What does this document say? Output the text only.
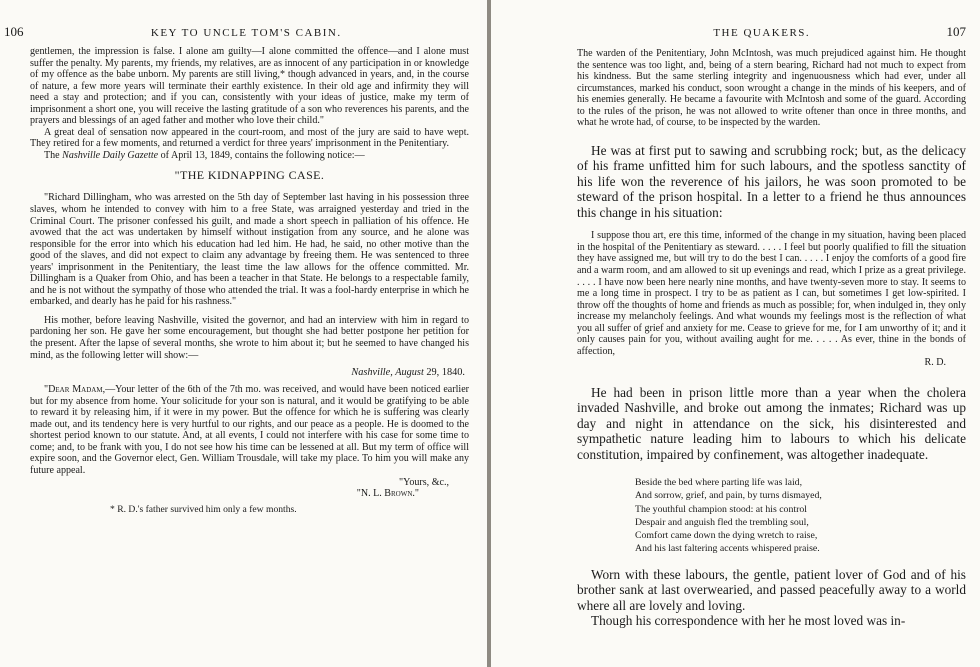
106	KEY TO UNCLE TOM'S CABIN.

gentlemen, the impression is false. I alone am guilty—I alone committed the offence—and I alone must suffer the penalty. My parents, my friends, my relatives, are as innocent of any participation in or knowledge of my offence as the babe unborn. My parents are still living,* though advanced in years, and, in the course of nature, a few more years will terminate their earthly existence. In their old age and infirmity they will need a stay and protection; and if you can, consistently with your ideas of justice, make my term of imprisonment a short one, you will receive the lasting gratitude of a son who reverences his parents, and the prayers and blessings of an aged father and mother who love their child."

A great deal of sensation now appeared in the court-room, and most of the jury are said to have wept. They retired for a few moments, and returned a verdict for three years' imprisonment in the Penitentiary.

The Nashville Daily Gazette of April 13, 1849, contains the following notice:—

"THE KIDNAPPING CASE.

"Richard Dillingham, who was arrested on the 5th day of September last having in his possession three slaves, whom he intended to convey with him to a free State, was arraigned yesterday and tried in the Criminal Court. The prisoner confessed his guilt, and made a short speech in palliation of his offence. He avowed that the act was undertaken by himself without instigation from any source, and he alone was responsible for the error into which his education had led him. He had, he said, no other motive than the good of the slaves, and did not expect to claim any advantage by freeing them. He was sentenced to three years' imprisonment in the Penitentiary, the least time the law allows for the offence committed. Mr. Dillingham is a Quaker from Ohio, and has been a teacher in that State. He belongs to a respectable family, and he is not without the sympathy of those who attended the trial. It was a fool-hardy enterprise in which he embarked, and dearly has he paid for his rashness."

His mother, before leaving Nashville, visited the governor, and had an interview with him in regard to pardoning her son. He gave her some encouragement, but thought she had better postpone her petition for the present. After the lapse of several months, she wrote to him about it; but he seemed to have changed his mind, as the following letter will show:—

Nashville, August 29, 1840.

"Dear Madam,—Your letter of the 6th of the 7th mo. was received, and would have been noticed earlier but for my absence from home. Your solicitude for your son is natural, and it would be gratifying to be able to reward it by releasing him, if it were in my power. But the offence for which he is suffering was clearly made out, and its tendency here is very hurtful to our rights, and our peace as a people. He is doomed to the shortest period known to our statute. And, at all events, I could not interfere with his case for some time to come; and, to be frank with you, I do not see how his time can be lessened at all. But my term of office will expire soon, and the Governor elect, Gen. William Trousdale, will take my place. To him you will make any future appeal.

"Yours, &c.,

"N. L. Brown."

* R. D.'s father survived him only a few months.

THE QUAKERS.	107

The warden of the Penitentiary, John McIntosh, was much prejudiced against him. He thought the sentence was too light, and, being of a stern bearing, Richard had not much to expect from his kindness. But the same sterling integrity and ingenuousness which had ever, under all circumstances, marked his conduct, soon wrought a change in the minds of his keepers, and of his enemies generally. He became a favourite with McIntosh and some of the guard. According to the rules of the prison, he was not allowed to write oftener than once in three months, and what he wrote had, of course, to be inspected by the warden.

He was at first put to sawing and scrubbing rock; but, as the delicacy of his frame unfitted him for such labours, and the spotless sanctity of his life won the reverence of his jailors, he was soon promoted to be steward of the prison hospital. In a letter to a friend he thus announces this change in his situation:

I suppose thou art, ere this time, informed of the change in my situation, having been placed in the hospital of the Penitentiary as steward. . . . . I feel but poorly qualified to fill the situation they have assigned me, but will try to do the best I can. . . . . I enjoy the comforts of a good fire and a warm room, and am allowed to sit up evenings and read, which I prize as a great privilege. . . . . I have now been here nearly nine months, and have twenty-seven more to stay. It seems to me a long time in prospect. I try to be as patient as I can, but sometimes I get low-spirited. I throw off the thoughts of home and friends as much as possible; for, when indulged in, they only increase my melancholy feelings. And what wounds my feelings most is the reflection of what you all suffer of grief and anxiety for me. Cease to grieve for me, for I am unworthy of it; and it only causes pain for you, without availing aught for me. . . . . As ever, thine in the bonds of affection,

R. D.

He had been in prison little more than a year when the cholera invaded Nashville, and broke out among the inmates; Richard was up day and night in attendance on the sick, his disinterested and sympathetic nature leading him to labours to which his delicate constitution, impaired by confinement, was altogether inadequate.

Beside the bed where parting life was laid,
And sorrow, grief, and pain, by turns dismayed,
The youthful champion stood: at his control
Despair and anguish fled the trembling soul,
Comfort came down the dying wretch to raise,
And his last faltering accents whispered praise.

Worn with these labours, the gentle, patient lover of God and of his brother sank at last overwearied, and passed peacefully away to a world where all are lovely and loving.

Though his correspondence with her he most loved was in-
